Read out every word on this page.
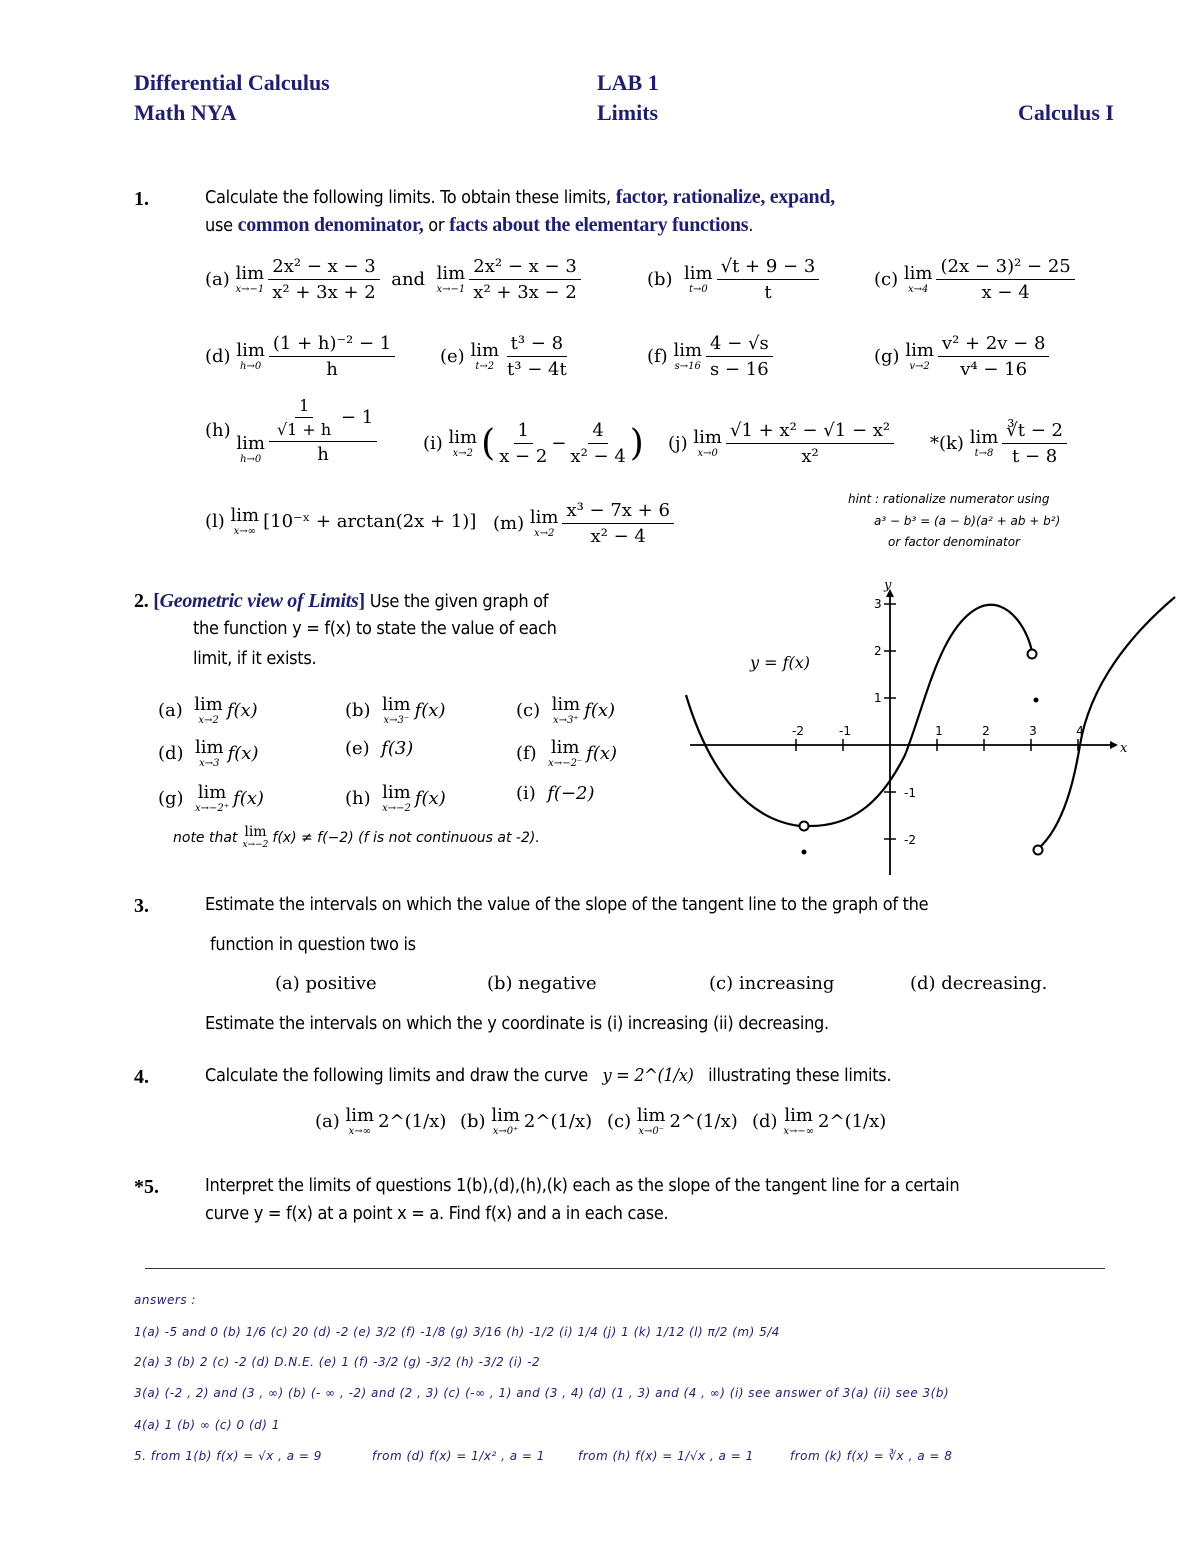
Differential Calculus	LAB 1
Math NYA	Limits	Calculus I
1.	Calculate the following limits. To obtain these limits, factor, rationalize, expand,
use common denominator, or facts about the elementary functions.
(a)
lim
$x\to-1 \frac{\text{2x² − x − 3}}{\text{x² + 3x + 2}}$
and
lim
$x\to-1 \frac{\text{2x² − x − 3}}{\text{x² + 3x − 2}}$	(b)
lim
$t\to 0 \frac{√t + 9 - 3}{t}$	(c)
lim
$x\to 4 \frac{\text{(2x − 3)² − 25}}{x - 4}$
(d)
lim
$h\to 0 \frac{\text{(1 + h)⁻² − 1}}{h} (e)$
lim
$t\to 2 \frac{\text{t³ − 8}}{\text{t³ − 4t}}$	(f)
lim
$s\to 16 \frac{4 - √s}{s - 16}$	(g)
lim
$v\to 2 \frac{\text{v² + 2v − 8}}{\text{v⁴ − 16}}$
(h)

lim
$h\to 0 \frac{1}{√1 + h}$
− 1
h	(i)
lim
x→2 ( $\frac{1}{x - 2} - \frac{4}{\text{x² − 4}}$ ) (j)
lim
$x\to 0 \frac{\text{√1 + x² − √1 − x²}}{\text{x²}} *(k)$
lim
$t\to 8 \frac{∛t - 2}{t - 8}$
(l)
lim
x→∞ [10⁻ˣ + arctan(2x + 1)] (m)
lim
$x\to 2 \frac{\text{x³ − 7x + 6}}{\text{x² − 4}}$
hint : rationalize numerator using
a³ − b³ = (a − b)(a² + ab + b²)
or factor denominator
2. [Geometric view of Limits] Use the given graph of
the function y = f(x) to state the value of each
limit, if it exists.
(a)
lim
x→2 f(x)	(b)
lim
x→3⁻ f(x)	(c)
lim
x→3⁺ f(x)
(d)
lim
x→3 f(x)	(e)
f(3)	(f)
lim
x→−2⁻ f(x)
(g)
lim
x→−2⁺ f(x)	(h)
lim
x→−2 f(x)	(i)
f(−2)
note that
lim
x→−2 f(x) ≠ f(−2) (f is not continuous at -2).
-2	-1	1	2	3	4
3
2
1
-1
-2
x
y
y = f(x)
3.	Estimate the intervals on which the value of the slope of the tangent line to the graph of the
function in question two is
(a) positive	(b) negative	(c) increasing	(d) decreasing.
Estimate the intervals on which the y coordinate is (i) increasing (ii) decreasing.
4.	Calculate the following limits and draw the curve y = 2^(1/x) illustrating these limits.
(a)
lim
x→∞ 2^(1/x) (b)
lim
x→0⁺ 2^(1/x) (c)
lim
x→0⁻ 2^(1/x) (d)
lim
x→−∞ 2^(1/x)
*5.	Interpret the limits of questions 1(b),(d),(h),(k) each as the slope of the tangent line for a certain
curve y = f(x) at a point x = a. Find f(x) and a in each case.
answers :
1(a) -5 and 0 (b) 1/6 (c) 20 (d) -2 (e) 3/2 (f) -1/8 (g) 3/16 (h) -1/2 (i) 1/4 (j) 1 (k) 1/12 (l) π/2 (m) 5/4
2(a) 3 (b) 2 (c) -2 (d) D.N.E. (e) 1 (f) -3/2 (g) -3/2 (h) -3/2 (i) -2
3(a) (-2 , 2) and (3 , ∞) (b) (- ∞ , -2) and (2 , 3) (c) (-∞ , 1) and (3 , 4) (d) (1 , 3) and (4 , ∞) (i) see answer of 3(a) (ii) see 3(b)
4(a) 1 (b) ∞ (c) 0 (d) 1
5. from 1(b) f(x) = √x , a = 9	from (d) f(x) = 1/x² , a = 1	from (h) f(x) = 1/√x , a = 1	from (k) f(x) = ∛x , a = 8
